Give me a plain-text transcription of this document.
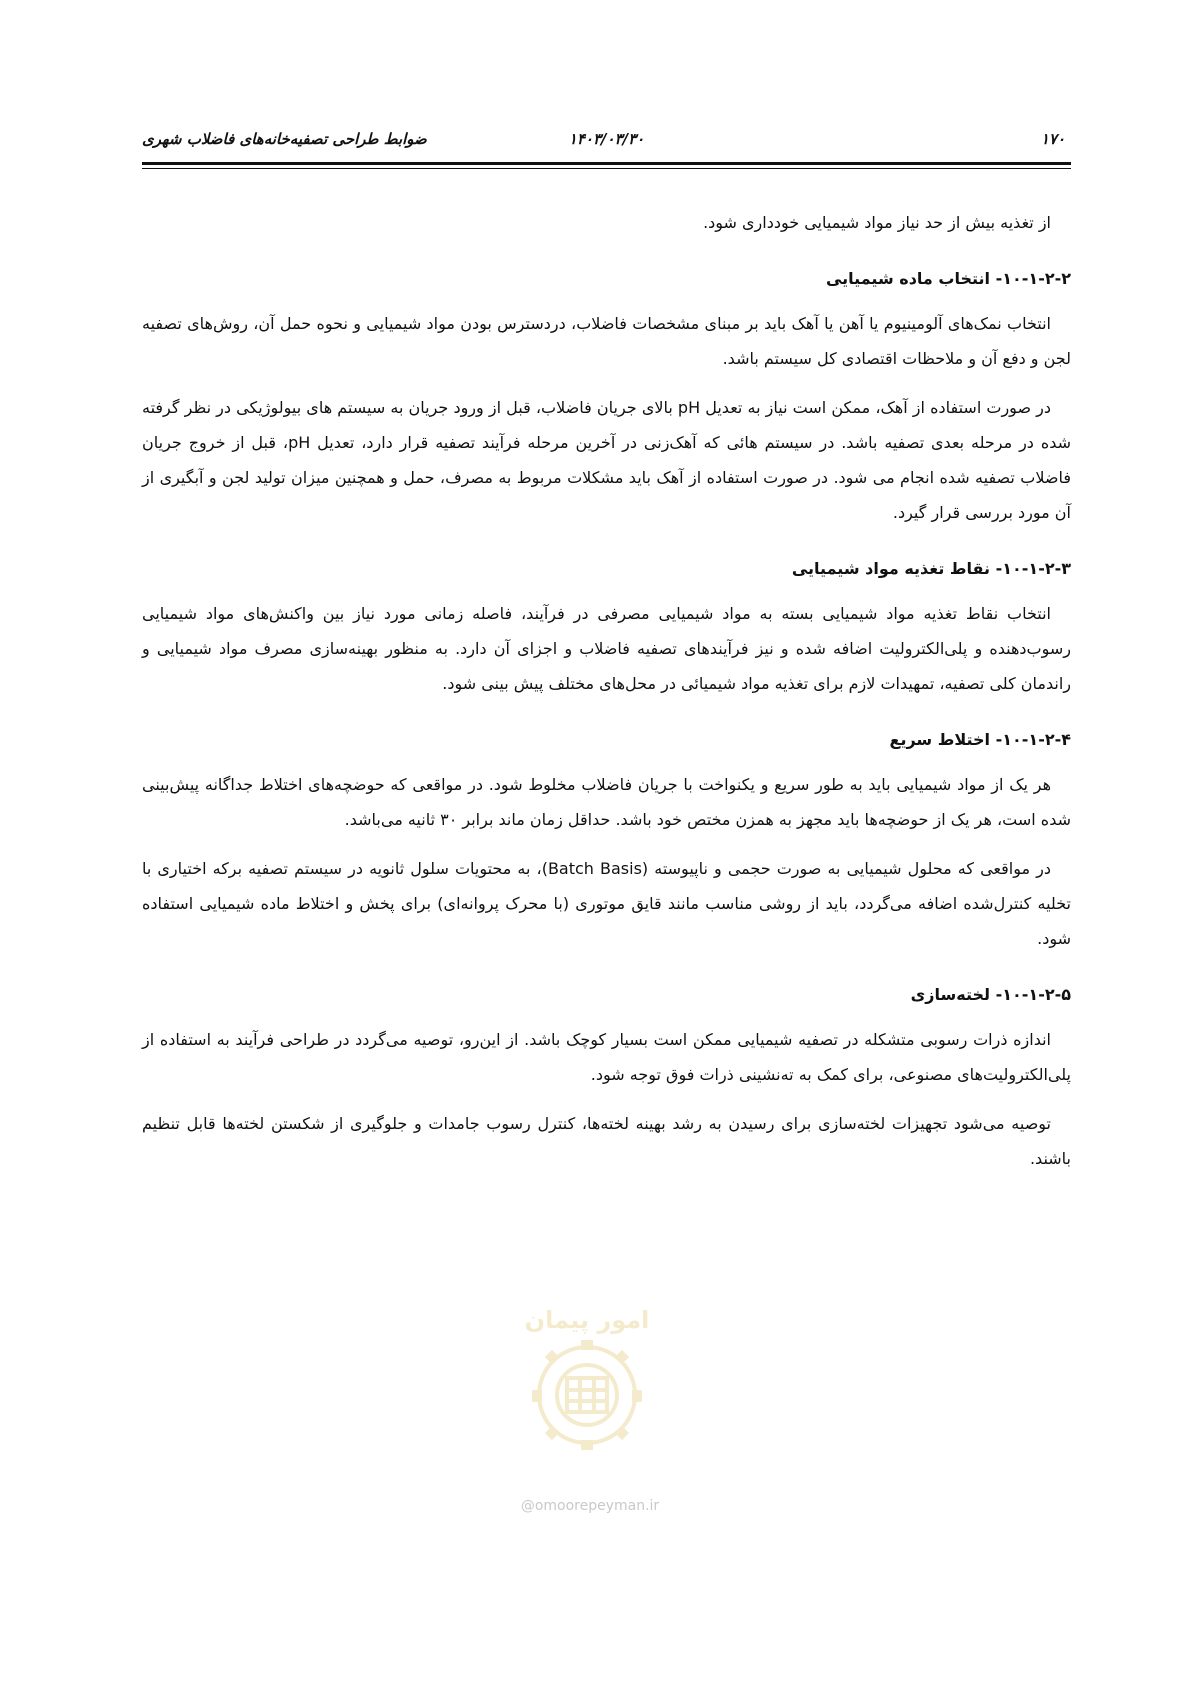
۱۷۰
۱۴۰۳/۰۳/۳۰
ضوابط طراحی تصفیه‌خانه‌های فاضلاب شهری

از تغذیه بیش از حد نیاز مواد شیمیایی خودداری شود.

۱۰-۱-۲-۲- انتخاب ماده شیمیایی

انتخاب نمک‌های آلومینیوم یا آهن یا آهک باید بر مبنای مشخصات فاضلاب، دردسترس بودن مواد شیمیایی و نحوه حمل آن، روش‌های تصفیه لجن و دفع آن و ملاحظات اقتصادی کل سیستم باشد.

در صورت استفاده از آهک، ممکن است نیاز به تعدیل pH بالای جریان فاضلاب، قبل از ورود جریان به سیستم های بیولوژیکی در نظر گرفته شده در مرحله بعدی تصفیه باشد. در سیستم هائی که آهک‌زنی در آخرین مرحله فرآیند تصفیه قرار دارد، تعدیل pH، قبل از خروج جریان فاضلاب تصفیه شده انجام می شود. در صورت استفاده از آهک باید مشکلات مربوط به مصرف، حمل و همچنین میزان تولید لجن و آبگیری از آن مورد بررسی قرار گیرد.

۱۰-۱-۲-۳- نقاط تغذیه مواد شیمیایی

انتخاب نقاط تغذیه مواد شیمیایی بسته به مواد شیمیایی مصرفی در فرآیند، فاصله زمانی مورد نیاز بین واکنش‌های مواد شیمیایی رسوب‌دهنده و پلی‌الکترولیت اضافه شده و نیز فرآیندهای تصفیه فاضلاب و اجزای آن دارد. به منظور بهینه‌سازی مصرف مواد شیمیایی و راندمان کلی تصفیه، تمهیدات لازم برای تغذیه مواد شیمیائی در محل‌های مختلف پیش بینی شود.

۱۰-۱-۲-۴- اختلاط سریع

هر یک از مواد شیمیایی باید به طور سریع و یکنواخت با جریان فاضلاب مخلوط شود. در مواقعی که حوضچه‌های اختلاط جداگانه پیش‌بینی شده است، هر یک از حوضچه‌ها باید مجهز به همزن مختص خود باشد. حداقل زمان ماند برابر ۳۰ ثانیه می‌باشد.

در مواقعی که محلول شیمیایی به صورت حجمی و ناپیوسته (Batch Basis)، به محتویات سلول ثانویه در سیستم تصفیه برکه اختیاری با تخلیه کنترل‌شده اضافه می‌گردد، باید از روشی مناسب مانند قایق موتوری (با محرک پروانه‌ای) برای پخش و اختلاط ماده شیمیایی استفاده شود.

۱۰-۱-۲-۵- لخته‌سازی

اندازه ذرات رسوبی متشکله در تصفیه شیمیایی ممکن است بسیار کوچک باشد. از این‌رو، توصیه می‌گردد در طراحی فرآیند به استفاده از پلی‌الکترولیت‌های مصنوعی، برای کمک به ته‌نشینی ذرات فوق توجه شود.

توصیه می‌شود تجهیزات لخته‌سازی برای رسیدن به رشد بهینه لخته‌ها، کنترل رسوب جامدات و جلوگیری از شکستن لخته‌ها قابل تنظیم باشند.

امور پیمان
@omoorepeyman.ir
